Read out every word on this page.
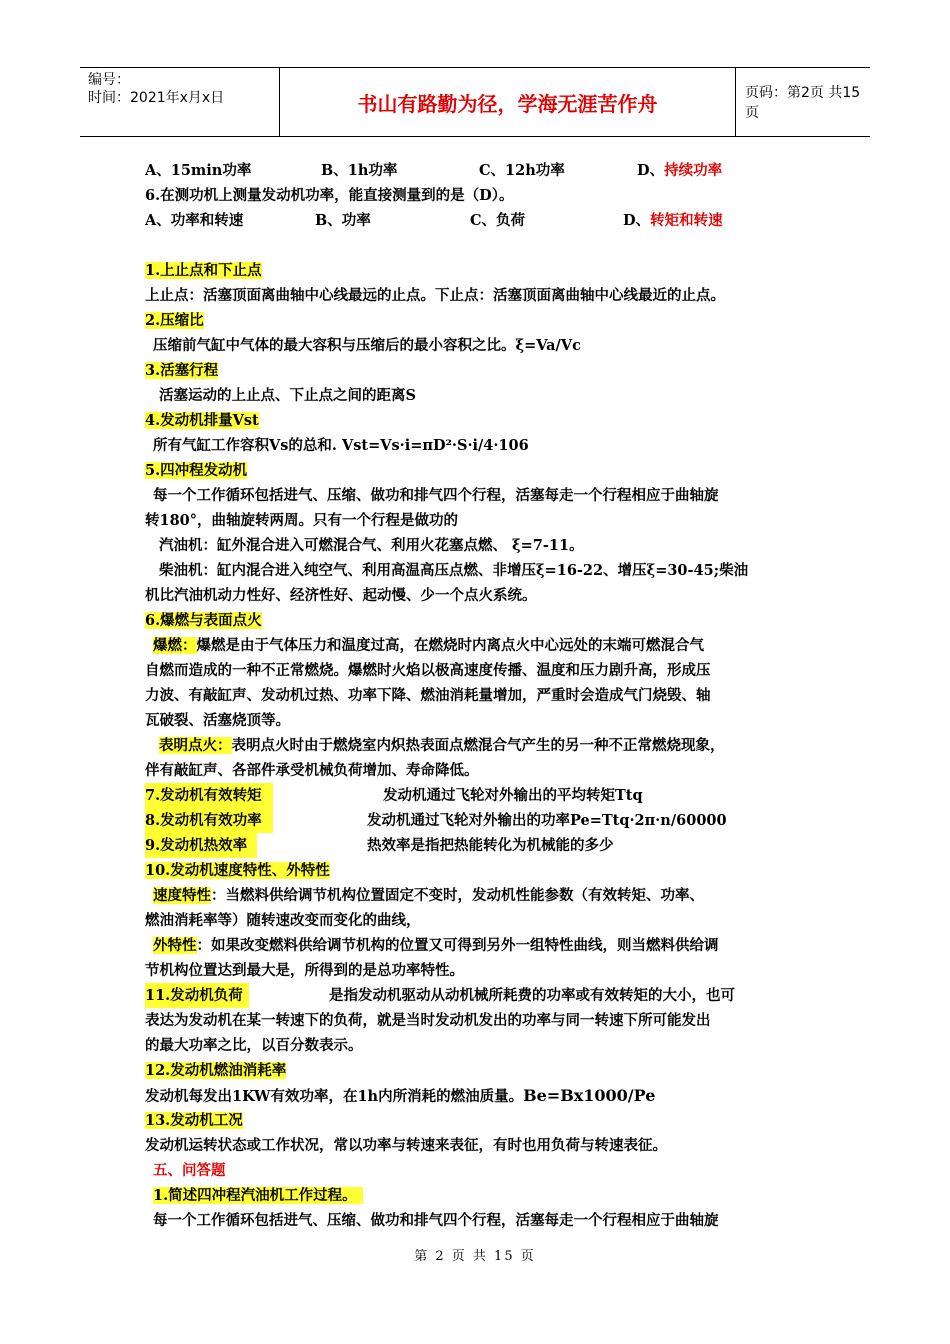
编号：
时间：2021年x月x日	书山有路勤为径，学海无涯苦作舟	页码：第2页 共15页
A、15min功率	B、1h功率	C、12h功率	D、持续功率
6.在测功机上测量发动机功率，能直接测量到的是（D）。
A、功率和转速	B、功率	C、负荷	D、转矩和转速
1.上止点和下止点
上止点：活塞顶面离曲轴中心线最远的止点。下止点：活塞顶面离曲轴中心线最近的止点。
2.压缩比
压缩前气缸中气体的最大容积与压缩后的最小容积之比。ξ=Va/Vc
3.活塞行程
活塞运动的上止点、下止点之间的距离S
4.发动机排量Vst
所有气缸工作容积Vs的总和. Vst=Vs·i=πD²·S·i/4·106
5.四冲程发动机
每一个工作循环包括进气、压缩、做功和排气四个行程，活塞每走一个行程相应于曲轴旋
转180°，曲轴旋转两周。只有一个行程是做功的
汽油机：缸外混合进入可燃混合气、利用火花塞点燃、 ξ=7-11。
柴油机：缸内混合进入纯空气、利用高温高压点燃、非增压ξ=16-22、增压ξ=30-45;柴油
机比汽油机动力性好、经济性好、起动慢、少一个点火系统。
6.爆燃与表面点火
爆燃：爆燃是由于气体压力和温度过高，在燃烧时内离点火中心远处的末端可燃混合气
自燃而造成的一种不正常燃烧。爆燃时火焰以极高速度传播、温度和压力剧升高，形成压
力波、有敲缸声、发动机过热、功率下降、燃油消耗量增加，严重时会造成气门烧毁、轴
瓦破裂、活塞烧顶等。
表明点火：表明点火时由于燃烧室内炽热表面点燃混合气产生的另一种不正常燃烧现象，
伴有敲缸声、各部件承受机械负荷增加、寿命降低。
7.发动机有效转矩	发动机通过飞轮对外输出的平均转矩Ttq
8.发动机有效功率	发动机通过飞轮对外输出的功率Pe=Ttq·2π·n/60000
9.发动机热效率	热效率是指把热能转化为机械能的多少
10.发动机速度特性、外特性
速度特性：当燃料供给调节机构位置固定不变时，发动机性能参数（有效转矩、功率、
燃油消耗率等）随转速改变而变化的曲线，
外特性：如果改变燃料供给调节机构的位置又可得到另外一组特性曲线，则当燃料供给调
节机构位置达到最大是，所得到的是总功率特性。
11.发动机负荷	是指发动机驱动从动机械所耗费的功率或有效转矩的大小，也可
表达为发动机在某一转速下的负荷，就是当时发动机发出的功率与同一转速下所可能发出
的最大功率之比，以百分数表示。
12.发动机燃油消耗率
发动机每发出1KW有效功率，在1h内所消耗的燃油质量。Be=Bx1000/Pe
13.发动机工况
发动机运转状态或工作状况，常以功率与转速来表征，有时也用负荷与转速表征。
五、问答题
1.简述四冲程汽油机工作过程。
每一个工作循环包括进气、压缩、做功和排气四个行程，活塞每走一个行程相应于曲轴旋
第 2 页 共 15 页
